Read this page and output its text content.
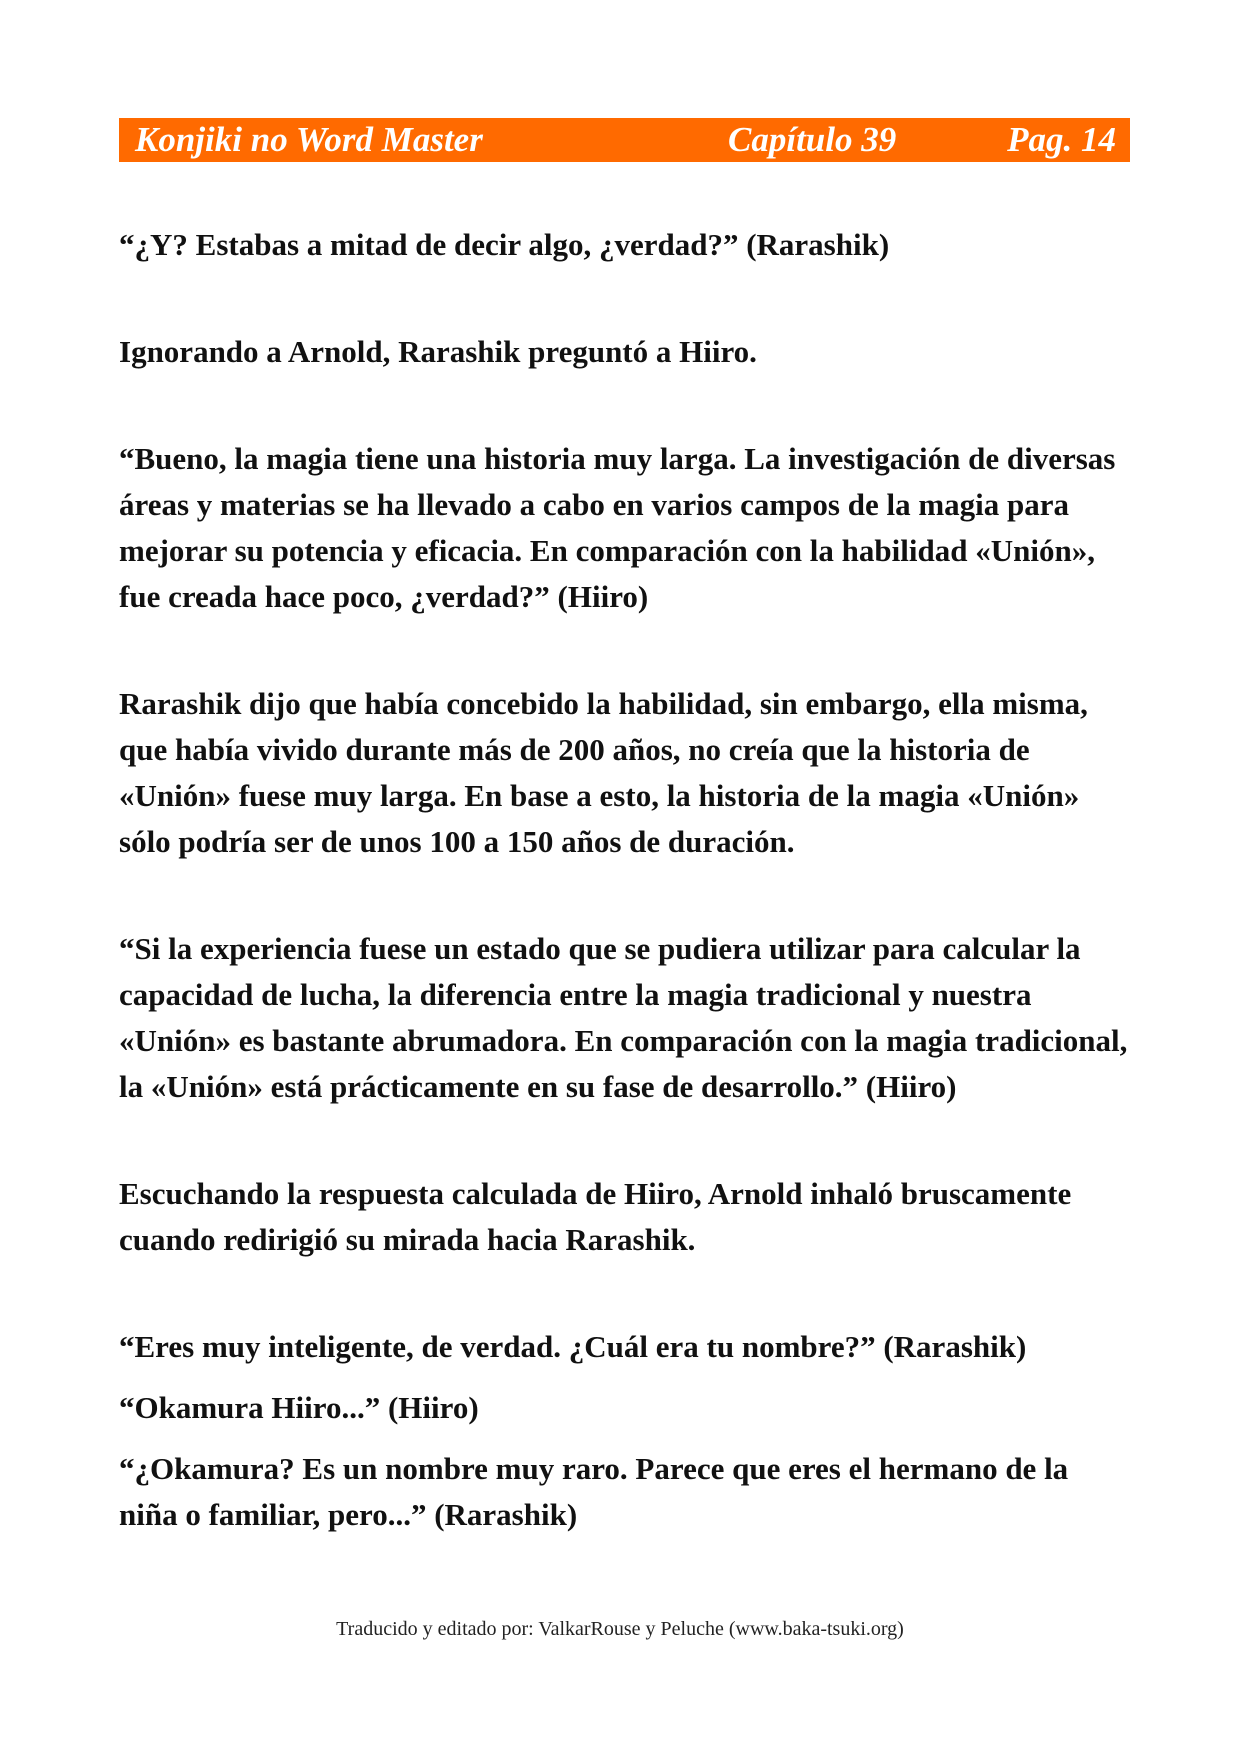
Konjiki no Word Master	Capítulo 39	Pag. 14

“¿Y? Estabas a mitad de decir algo, ¿verdad?” (Rarashik)

Ignorando a Arnold, Rarashik preguntó a Hiiro.

“Bueno, la magia tiene una historia muy larga. La investigación de diversas áreas y materias se ha llevado a cabo en varios campos de la magia para mejorar su potencia y eficacia. En comparación con la habilidad «Unión», fue creada hace poco, ¿verdad?” (Hiiro)

Rarashik dijo que había concebido la habilidad, sin embargo, ella misma, que había vivido durante más de 200 años, no creía que la historia de «Unión» fuese muy larga. En base a esto, la historia de la magia «Unión» sólo podría ser de unos 100 a 150 años de duración.

“Si la experiencia fuese un estado que se pudiera utilizar para calcular la capacidad de lucha, la diferencia entre la magia tradicional y nuestra «Unión» es bastante abrumadora. En comparación con la magia tradicional, la «Unión» está prácticamente en su fase de desarrollo.” (Hiiro)

Escuchando la respuesta calculada de Hiiro, Arnold inhaló bruscamente cuando redirigió su mirada hacia Rarashik.

“Eres muy inteligente, de verdad. ¿Cuál era tu nombre?” (Rarashik)

“Okamura Hiiro...” (Hiiro)

“¿Okamura? Es un nombre muy raro. Parece que eres el hermano de la niña o familiar, pero...” (Rarashik)

Traducido y editado por: ValkarRouse y Peluche (www.baka-tsuki.org)
